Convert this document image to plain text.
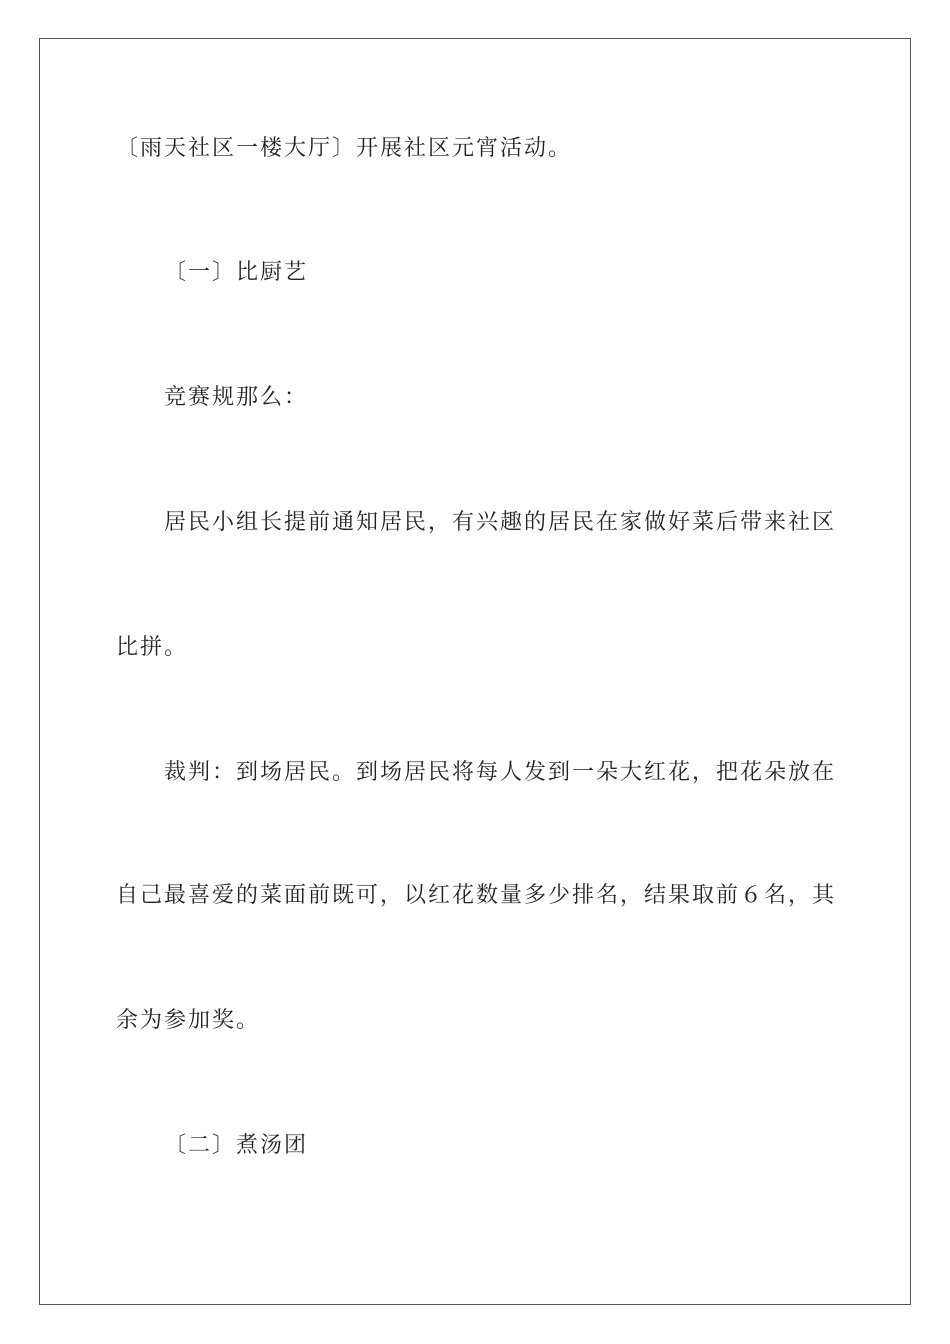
〔雨天社区一楼大厅〕开展社区元宵活动。
〔一〕比厨艺
竞赛规那么：
居民小组长提前通知居民，有兴趣的居民在家做好菜后带来社区
比拼。
裁判：到场居民。到场居民将每人发到一朵大红花，把花朵放在
自己最喜爱的菜面前既可，以红花数量多少排名，结果取前６名，其
余为参加奖。
〔二〕煮汤团
